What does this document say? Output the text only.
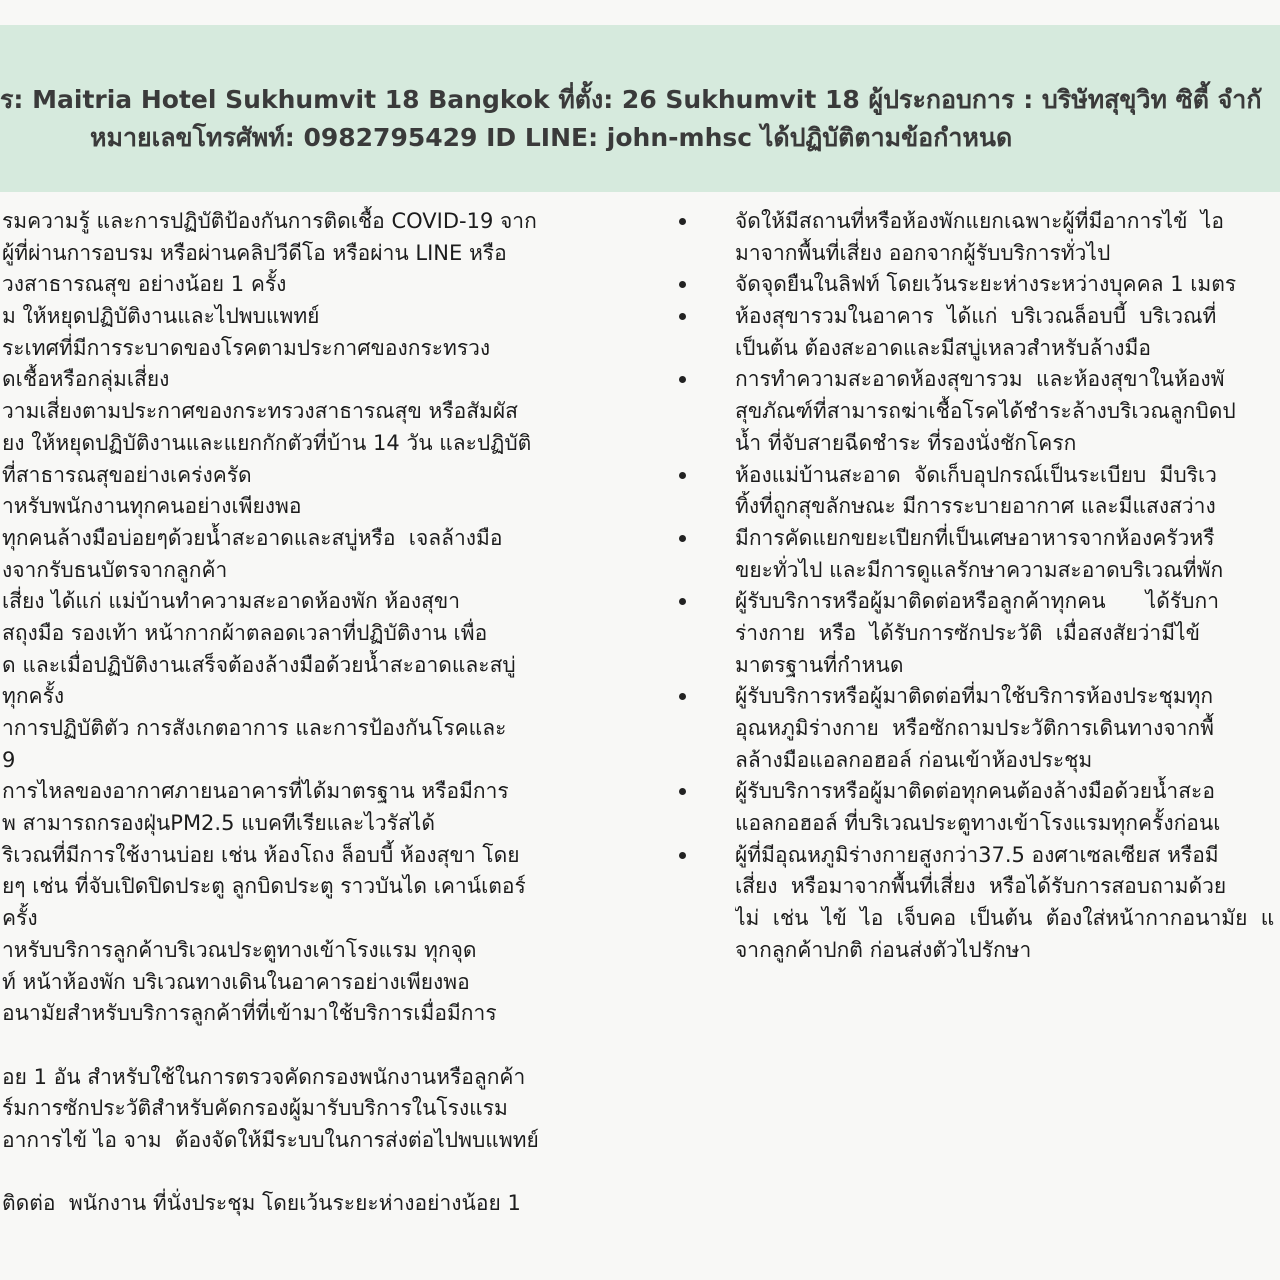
ร: Maitria Hotel Sukhumvit 18 Bangkok ที่ตั้ง: 26 Sukhumvit 18 ผู้ประกอบการ : บริษัทสุขุวิท ซิตี้ จำกั
หมายเลขโทรศัพท์: 0982795429 ID LINE: john-mhsc ได้ปฏิบัติตามข้อกำหนด
รมความรู้ และการปฏิบัติป้องกันการติดเชื้อ COVID-19 จาก
ผู้ที่ผ่านการอบรม หรือผ่านคลิปวีดีโอ หรือผ่าน LINE หรือ
วงสาธารณสุข อย่างน้อย 1 ครั้ง
ม ให้หยุดปฏิบัติงานและไปพบแพทย์
ระเทศที่มีการระบาดของโรคตามประกาศของกระทรวง
ดเชื้อหรือกลุ่มเสี่ยง
วามเสี่ยงตามประกาศของกระทรวงสาธารณสุข หรือสัมผัส
ยง ให้หยุดปฏิบัติงานและแยกกักตัวที่บ้าน 14 วัน และปฏิบัติ
ที่สาธารณสุขอย่างเคร่งครัด
าหรับพนักงานทุกคนอย่างเพียงพอ
ทุกคนล้างมือบ่อยๆด้วยน้ำสะอาดและสบู่หรือ  เจลล้างมือ
งจากรับธนบัตรจากลูกค้า
เสี่ยง ได้แก่ แม่บ้านทำความสะอาดห้องพัก ห้องสุขา
สถุงมือ รองเท้า หน้ากากผ้าตลอดเวลาที่ปฏิบัติงาน เพื่อ
ด และเมื่อปฏิบัติงานเสร็จต้องล้างมือด้วยน้ำสะอาดและสบู่
ทุกครั้ง
าการปฏิบัติตัว การสังเกตอาการ และการป้องกันโรคและ
9
การไหลของอากาศภายนอาคารที่ได้มาตรฐาน หรือมีการ
พ สามารถกรองฝุ่นPM2.5 แบคทีเรียและไวรัสได้
ริเวณที่มีการใช้งานบ่อย เช่น ห้องโถง ล็อบบี้ ห้องสุขา โดย
ยๆ เช่น ที่จับเปิดปิดประตู ลูกบิดประตู ราวบันได เคาน์เตอร์
ครั้ง
าหรับบริการลูกค้าบริเวณประตูทางเข้าโรงแรม ทุกจุด
ท์ หน้าห้องพัก บริเวณทางเดินในอาคารอย่างเพียงพอ
อนามัยสำหรับบริการลูกค้าที่ที่เข้ามาใช้บริการเมื่อมีการ
อย 1 อัน สำหรับใช้ในการตรวจคัดกรองพนักงานหรือลูกค้า
ร์มการซักประวัติสำหรับคัดกรองผู้มารับบริการในโรงแรม
อาการไข้ ไอ จาม  ต้องจัดให้มีระบบในการส่งต่อไปพบแพทย์
ติดต่อ  พนักงาน ที่นั่งประชุม โดยเว้นระยะห่างอย่างน้อย 1
จัดให้มีสถานที่หรือห้องพักแยกเฉพาะผู้ที่มีอาการไข้  ไอ
มาจากพื้นที่เสี่ยง ออกจากผู้รับบริการทั่วไป
จัดจุดยืนในลิฟท์ โดยเว้นระยะห่างระหว่างบุคคล 1 เมตร
ห้องสุขารวมในอาคาร  ได้แก่  บริเวณล็อบบี้  บริเวณที่
เป็นต้น ต้องสะอาดและมีสบู่เหลวสำหรับล้างมือ
การทำความสะอาดห้องสุขารวม  และห้องสุขาในห้องพั
สุขภัณฑ์ที่สามารถฆ่าเชื้อโรคได้ชำระล้างบริเวณลูกบิดป
น้ำ ที่จับสายฉีดชำระ ที่รองนั่งชักโครก
ห้องแม่บ้านสะอาด  จัดเก็บอุปกรณ์เป็นระเบียบ  มีบริเว
ทิ้งที่ถูกสุขลักษณะ มีการระบายอากาศ และมีแสงสว่าง
มีการคัดแยกขยะเปียกที่เป็นเศษอาหารจากห้องครัวหรื
ขยะทั่วไป และมีการดูแลรักษาความสะอาดบริเวณที่พัก
ผู้รับบริการหรือผู้มาติดต่อหรือลูกค้าทุกคน      ได้รับกา
ร่างกาย  หรือ  ได้รับการซักประวัติ  เมื่อสงสัยว่ามีไข้
มาตรฐานที่กำหนด
ผู้รับบริการหรือผู้มาติดต่อที่มาใช้บริการห้องประชุมทุก
อุณหภูมิร่างกาย  หรือซักถามประวัติการเดินทางจากพื้
ลล้างมือแอลกอฮอล์ ก่อนเข้าห้องประชุม
ผู้รับบริการหรือผู้มาติดต่อทุกคนต้องล้างมือด้วยน้ำสะอ
แอลกอฮอล์ ที่บริเวณประตูทางเข้าโรงแรมทุกครั้งก่อนเ
ผู้ที่มีอุณหภูมิร่างกายสูงกว่า37.5 องศาเซลเซียส หรือมี
เสี่ยง  หรือมาจากพื้นที่เสี่ยง  หรือได้รับการสอบถามด้วย
ไม่  เช่น  ไข้  ไอ  เจ็บคอ  เป็นต้น  ต้องใส่หน้ากากอนามัย  แ
จากลูกค้าปกติ ก่อนส่งตัวไปรักษา
